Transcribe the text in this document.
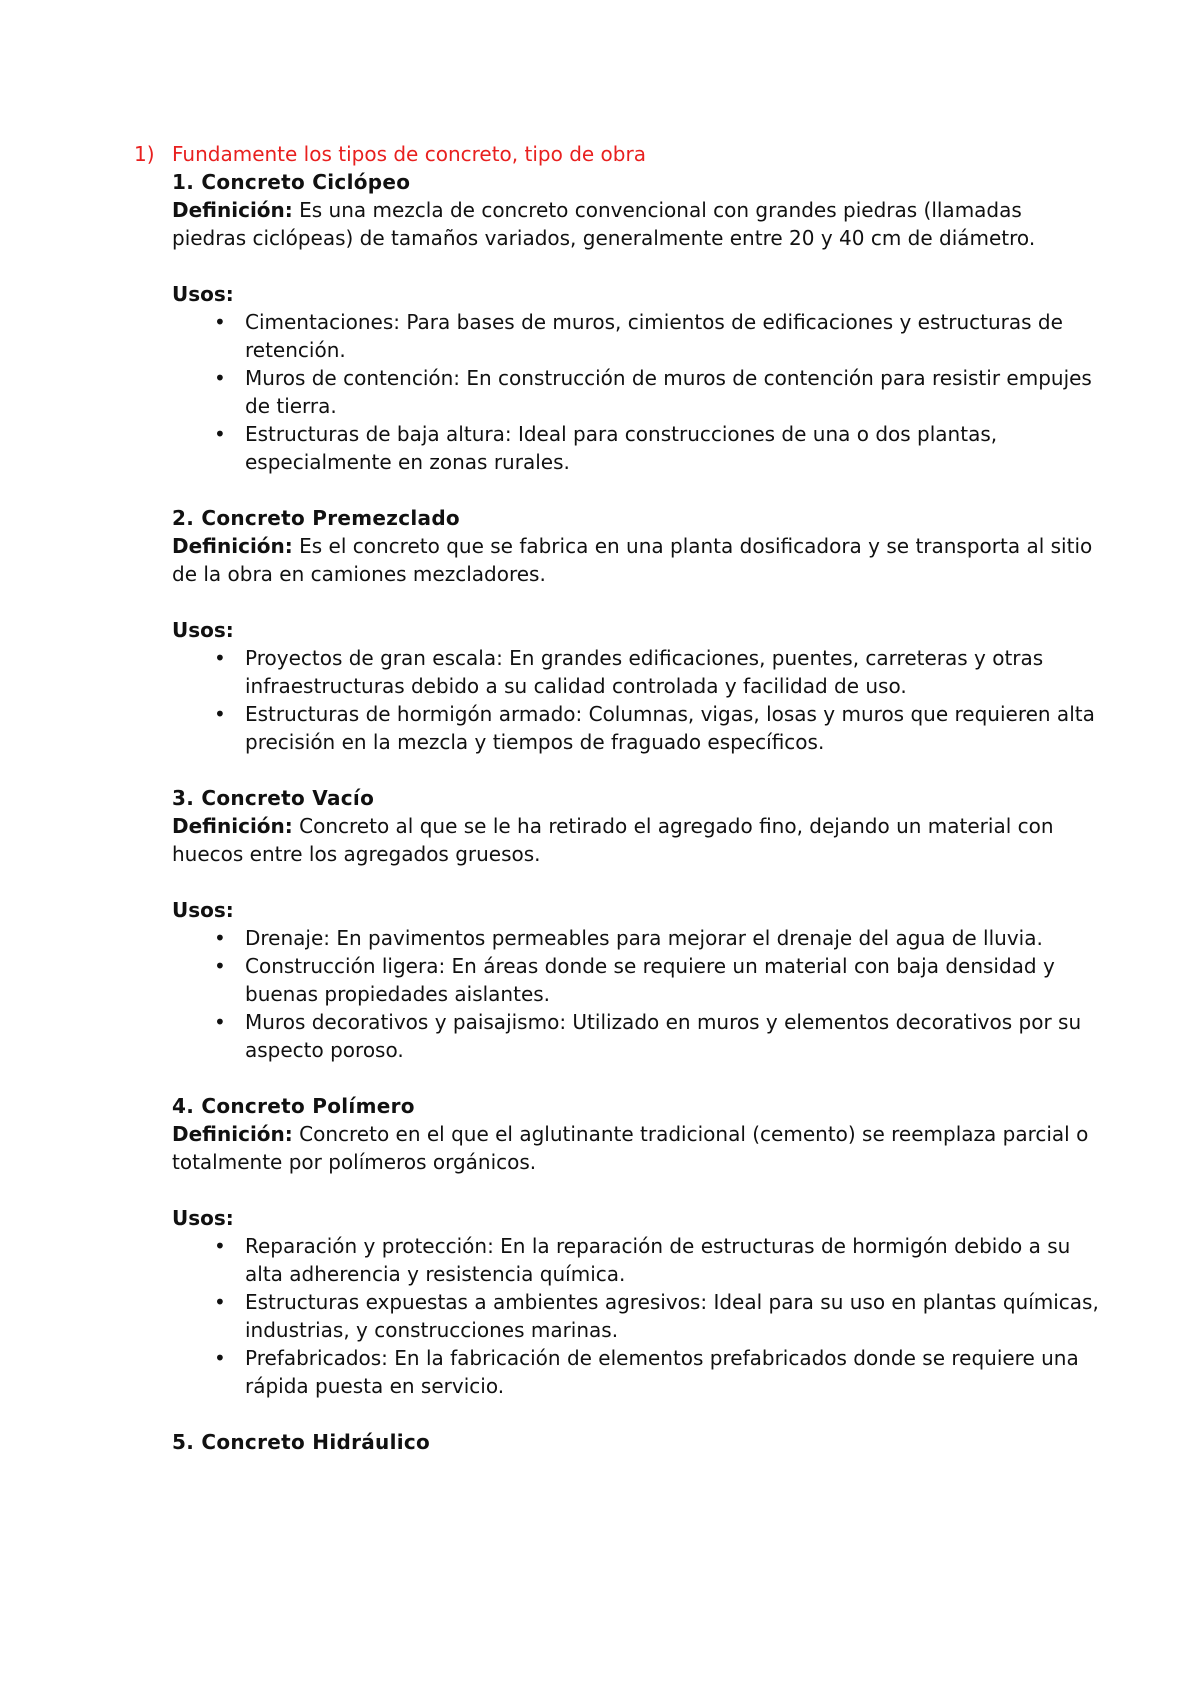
1) Fundamente los tipos de concreto, tipo de obra
1. Concreto Ciclópeo
Definición: Es una mezcla de concreto convencional con grandes piedras (llamadas piedras ciclópeas) de tamaños variados, generalmente entre 20 y 40 cm de diámetro.
Usos:
• Cimentaciones: Para bases de muros, cimientos de edificaciones y estructuras de retención.
• Muros de contención: En construcción de muros de contención para resistir empujes de tierra.
• Estructuras de baja altura: Ideal para construcciones de una o dos plantas, especialmente en zonas rurales.
2. Concreto Premezclado
Definición: Es el concreto que se fabrica en una planta dosificadora y se transporta al sitio de la obra en camiones mezcladores.
Usos:
• Proyectos de gran escala: En grandes edificaciones, puentes, carreteras y otras infraestructuras debido a su calidad controlada y facilidad de uso.
• Estructuras de hormigón armado: Columnas, vigas, losas y muros que requieren alta precisión en la mezcla y tiempos de fraguado específicos.
3. Concreto Vacío
Definición: Concreto al que se le ha retirado el agregado fino, dejando un material con huecos entre los agregados gruesos.
Usos:
• Drenaje: En pavimentos permeables para mejorar el drenaje del agua de lluvia.
• Construcción ligera: En áreas donde se requiere un material con baja densidad y buenas propiedades aislantes.
• Muros decorativos y paisajismo: Utilizado en muros y elementos decorativos por su aspecto poroso.
4. Concreto Polímero
Definición: Concreto en el que el aglutinante tradicional (cemento) se reemplaza parcial o totalmente por polímeros orgánicos.
Usos:
• Reparación y protección: En la reparación de estructuras de hormigón debido a su alta adherencia y resistencia química.
• Estructuras expuestas a ambientes agresivos: Ideal para su uso en plantas químicas, industrias, y construcciones marinas.
• Prefabricados: En la fabricación de elementos prefabricados donde se requiere una rápida puesta en servicio.
5. Concreto Hidráulico
